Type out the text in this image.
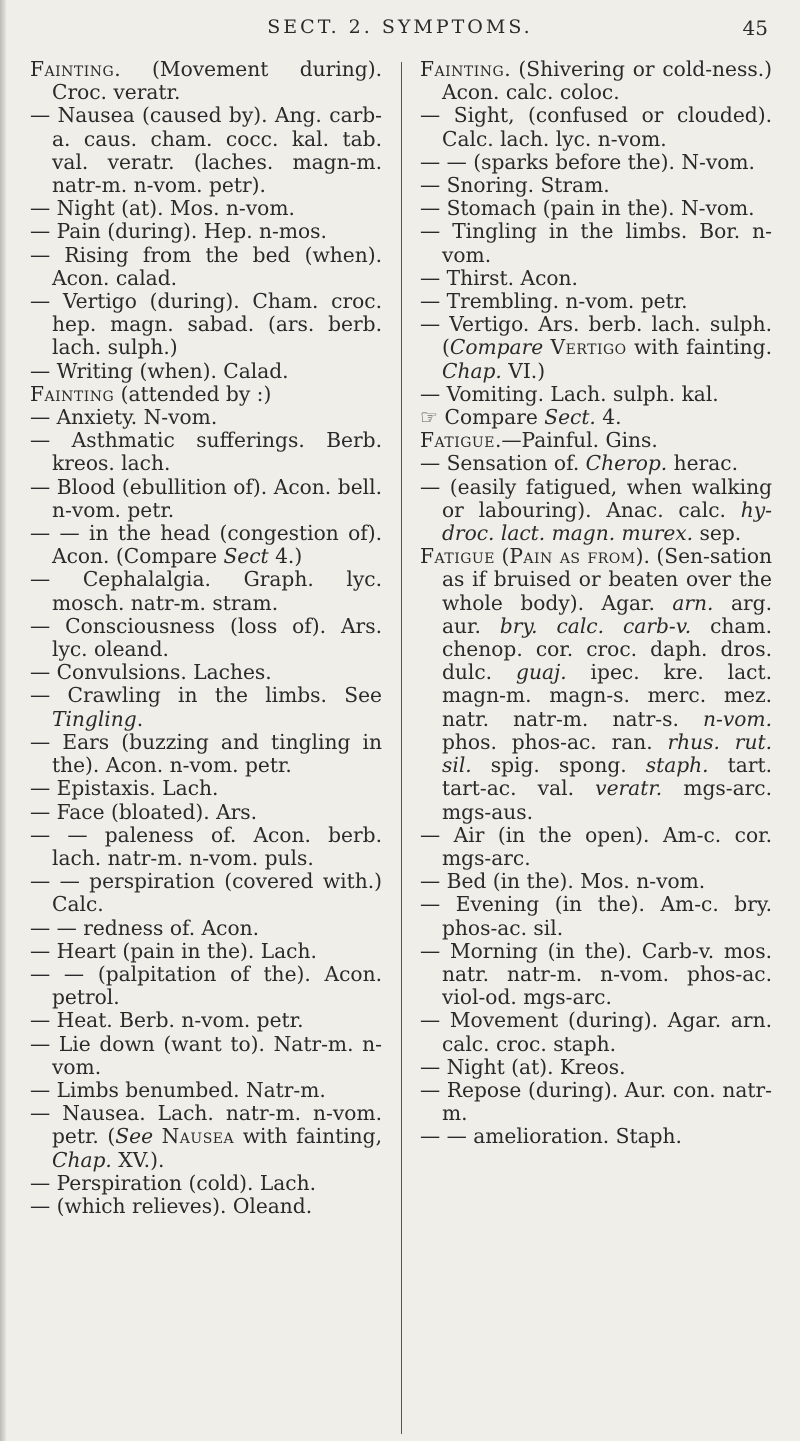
SECT. 2. SYMPTOMS.	45

Fainting. (Movement during). Croc. veratr.

— Nausea (caused by). Ang. carb-a. caus. cham. cocc. kal. tab. val. veratr. (laches. magn-m. natr-m. n-vom. petr).

— Night (at). Mos. n-vom.

— Pain (during). Hep. n-mos.

— Rising from the bed (when). Acon. calad.

— Vertigo (during). Cham. croc. hep. magn. sabad. (ars. berb. lach. sulph.)

— Writing (when). Calad.

Fainting (attended by :)

— Anxiety. N-vom.

— Asthmatic sufferings. Berb. kreos. lach.

— Blood (ebullition of). Acon. bell. n-vom. petr.

— — in the head (congestion of). Acon. (Compare Sect 4.)

— Cephalalgia. Graph. lyc. mosch. natr-m. stram.

— Consciousness (loss of). Ars. lyc. oleand.

— Convulsions. Laches.

— Crawling in the limbs. See Tingling.

— Ears (buzzing and tingling in the). Acon. n-vom. petr.

— Epistaxis. Lach.

— Face (bloated). Ars.

— — paleness of. Acon. berb. lach. natr-m. n-vom. puls.

— — perspiration (covered with.) Calc.

— — redness of. Acon.

— Heart (pain in the). Lach.

— — (palpitation of the). Acon. petrol.

— Heat. Berb. n-vom. petr.

— Lie down (want to). Natr-m. n-vom.

— Limbs benumbed. Natr-m.

— Nausea. Lach. natr-m. n-vom. petr. (See Nausea with fainting, Chap. XV.).

— Perspiration (cold). Lach.

— (which relieves). Oleand.

Fainting. (Shivering or cold-ness.) Acon. calc. coloc.

— Sight, (confused or clouded). Calc. lach. lyc. n-vom.

— — (sparks before the). N-vom.

— Snoring. Stram.

— Stomach (pain in the). N-vom.

— Tingling in the limbs. Bor. n-vom.

— Thirst. Acon.

— Trembling. n-vom. petr.

— Vertigo. Ars. berb. lach. sulph. (Compare Vertigo with fainting. Chap. VI.)

— Vomiting. Lach. sulph. kal.

☞ Compare Sect. 4.

Fatigue.—Painful. Gins.

— Sensation of. Cherop. herac.

— (easily fatigued, when walking or labouring). Anac. calc. hy-droc. lact. magn. murex. sep.

Fatigue (Pain as from). (Sen-sation as if bruised or beaten over the whole body). Agar. arn. arg. aur. bry. calc. carb-v. cham. chenop. cor. croc. daph. dros. dulc. guaj. ipec. kre. lact. magn-m. magn-s. merc. mez. natr. natr-m. natr-s. n-vom. phos. phos-ac. ran. rhus. rut. sil. spig. spong. staph. tart. tart-ac. val. veratr. mgs-arc. mgs-aus.

— Air (in the open). Am-c. cor. mgs-arc.

— Bed (in the). Mos. n-vom.

— Evening (in the). Am-c. bry. phos-ac. sil.

— Morning (in the). Carb-v. mos. natr. natr-m. n-vom. phos-ac. viol-od. mgs-arc.

— Movement (during). Agar. arn. calc. croc. staph.

— Night (at). Kreos.

— Repose (during). Aur. con. natr-m.

— — amelioration. Staph.
